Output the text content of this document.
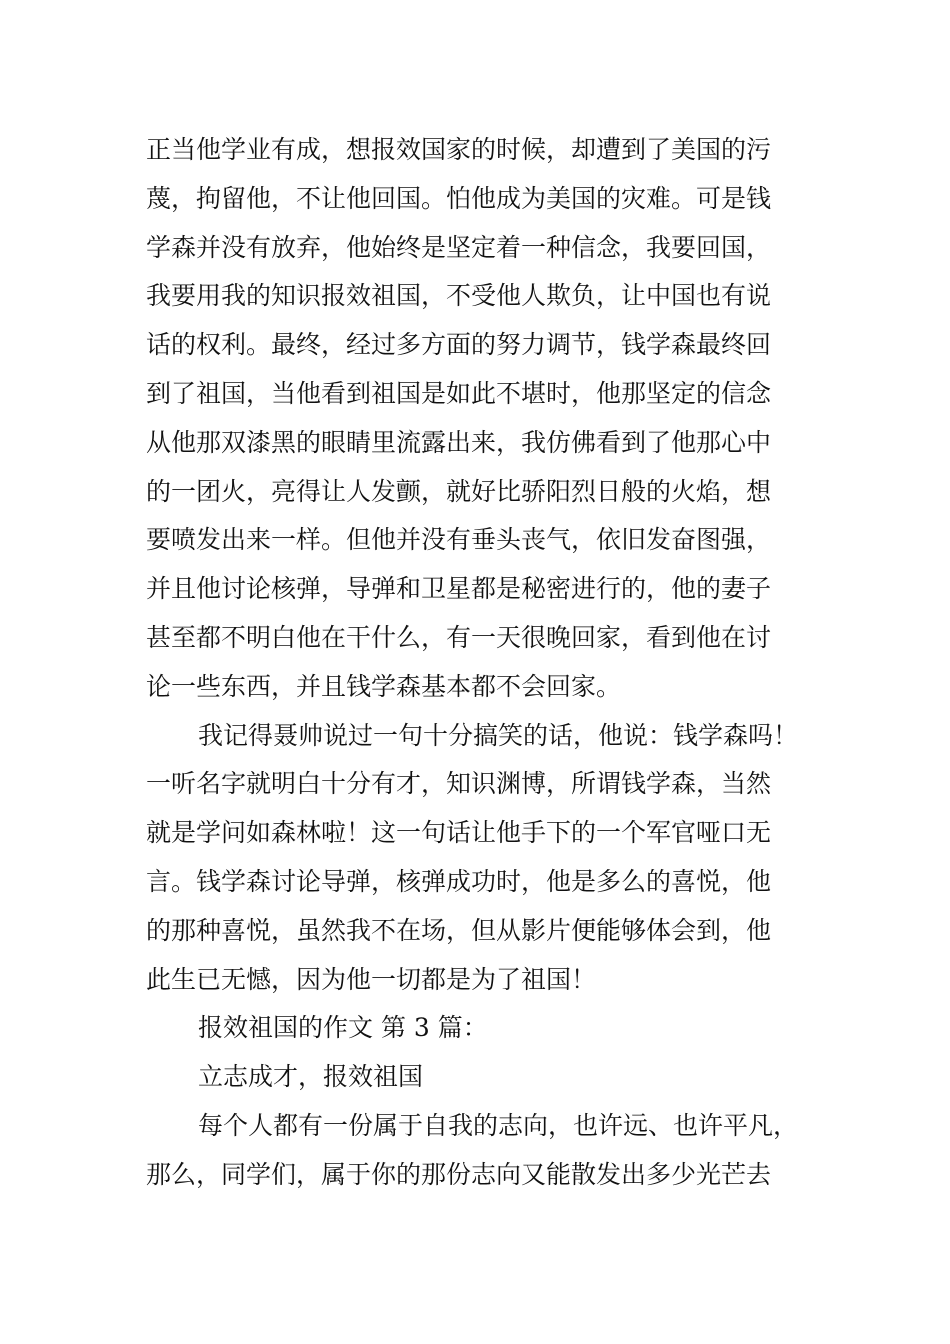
正当他学业有成，想报效国家的时候，却遭到了美国的污
蔑，拘留他，不让他回国。怕他成为美国的灾难。可是钱
学森并没有放弃，他始终是坚定着一种信念，我要回国，
我要用我的知识报效祖国，不受他人欺负，让中国也有说
话的权利。最终，经过多方面的努力调节，钱学森最终回
到了祖国，当他看到祖国是如此不堪时，他那坚定的信念
从他那双漆黑的眼睛里流露出来，我仿佛看到了他那心中
的一团火，亮得让人发颤，就好比骄阳烈日般的火焰，想
要喷发出来一样。但他并没有垂头丧气，依旧发奋图强，
并且他讨论核弹，导弹和卫星都是秘密进行的，他的妻子
甚至都不明白他在干什么，有一天很晚回家，看到他在讨
论一些东西，并且钱学森基本都不会回家。
我记得聂帅说过一句十分搞笑的话，他说：钱学森吗！
一听名字就明白十分有才，知识渊博，所谓钱学森，当然
就是学问如森林啦！这一句话让他手下的一个军官哑口无
言。钱学森讨论导弹，核弹成功时，他是多么的喜悦，他
的那种喜悦，虽然我不在场，但从影片便能够体会到，他
此生已无憾，因为他一切都是为了祖国！
报效祖国的作文 第 3 篇：
立志成才，报效祖国
每个人都有一份属于自我的志向，也许远、也许平凡，
那么，同学们，属于你的那份志向又能散发出多少光芒去
